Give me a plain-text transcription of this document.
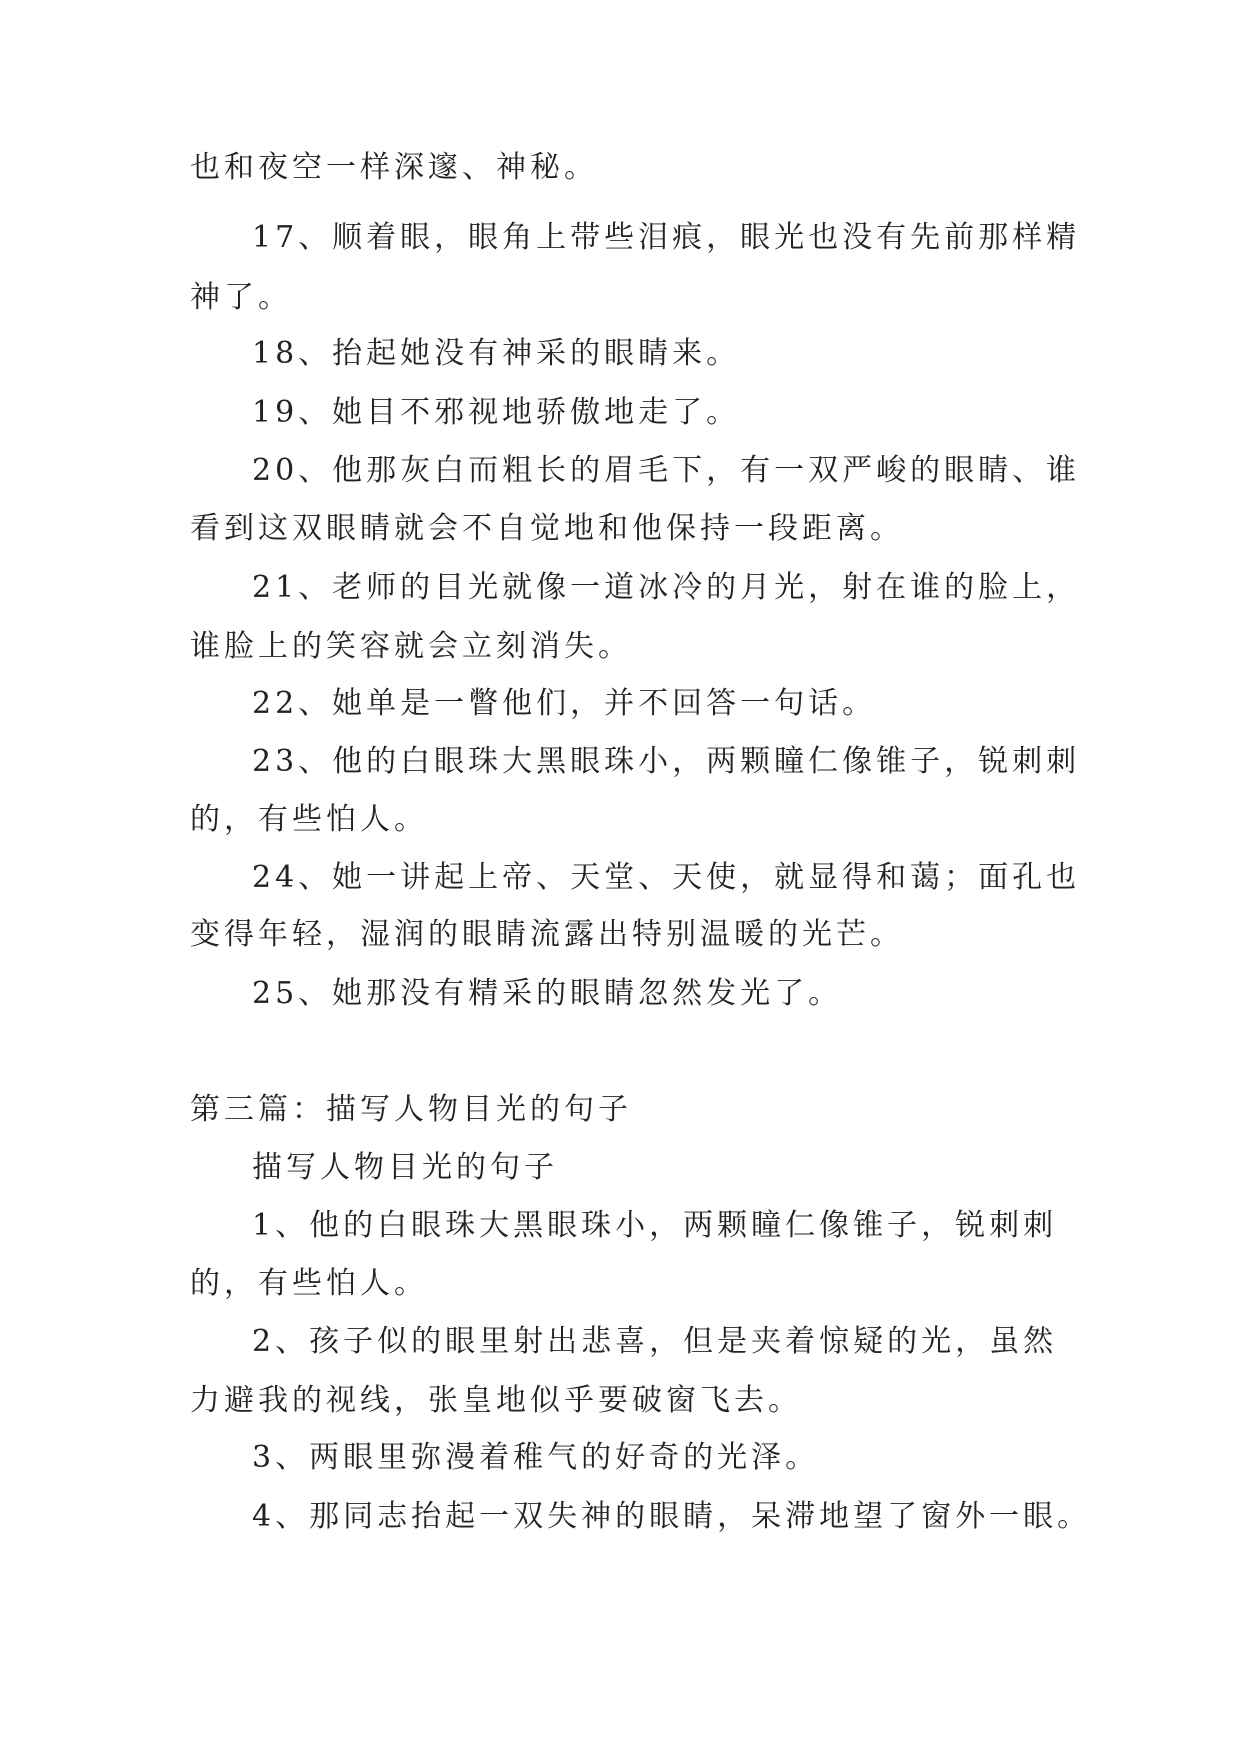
也和夜空一样深邃、神秘。
17、顺着眼，眼角上带些泪痕，眼光也没有先前那样精
神了。
18、抬起她没有神采的眼睛来。
19、她目不邪视地骄傲地走了。
20、他那灰白而粗长的眉毛下，有一双严峻的眼睛、谁
看到这双眼睛就会不自觉地和他保持一段距离。
21、老师的目光就像一道冰冷的月光，射在谁的脸上，
谁脸上的笑容就会立刻消失。
22、她单是一瞥他们，并不回答一句话。
23、他的白眼珠大黑眼珠小，两颗瞳仁像锥子，锐刺刺
的，有些怕人。
24、她一讲起上帝、天堂、天使，就显得和蔼；面孔也
变得年轻，湿润的眼睛流露出特别温暖的光芒。
25、她那没有精采的眼睛忽然发光了。
第三篇：描写人物目光的句子
描写人物目光的句子
1、他的白眼珠大黑眼珠小，两颗瞳仁像锥子，锐刺刺
的，有些怕人。
2、孩子似的眼里射出悲喜，但是夹着惊疑的光，虽然
力避我的视线，张皇地似乎要破窗飞去。
3、两眼里弥漫着稚气的好奇的光泽。
4、那同志抬起一双失神的眼睛，呆滞地望了窗外一眼。
